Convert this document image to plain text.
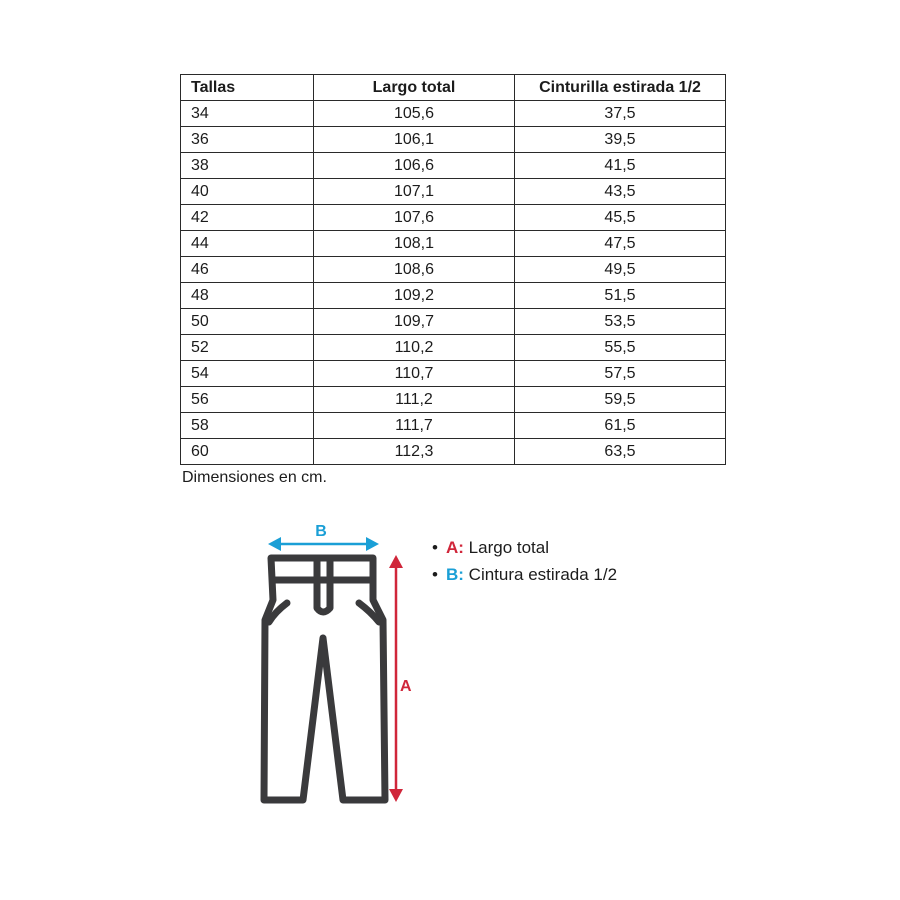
Tallas	Largo total	Cinturilla estirada 1/2
34	105,6	37,5
36	106,1	39,5
38	106,6	41,5
40	107,1	43,5
42	107,6	45,5
44	108,1	47,5
46	108,6	49,5
48	109,2	51,5
50	109,7	53,5
52	110,2	55,5
54	110,7	57,5
56	111,2	59,5
58	111,7	61,5
60	112,3	63,5
Dimensiones en cm.
B
A
• A: Largo total
• B: Cintura estirada 1/2
